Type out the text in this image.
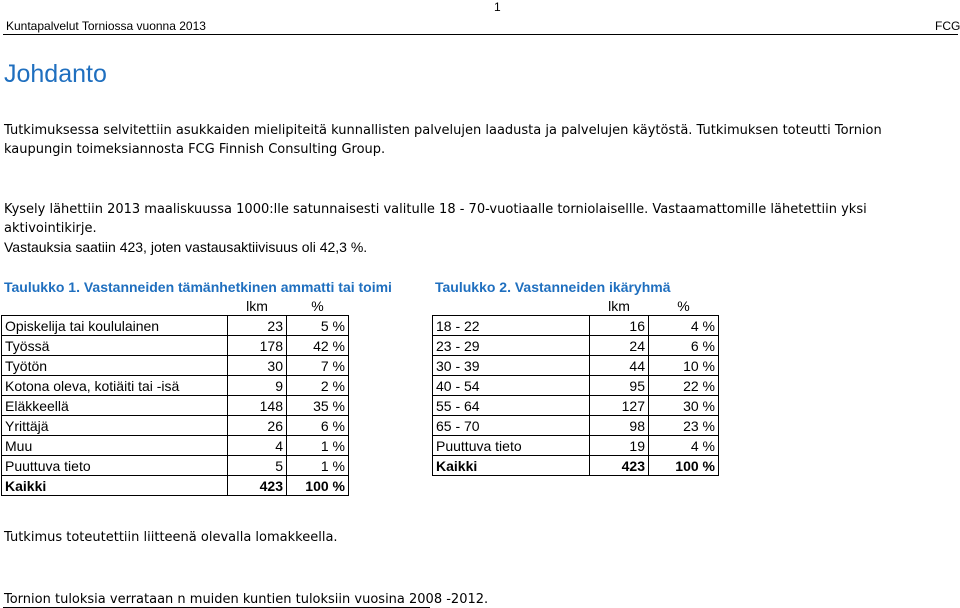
Kuntapalvelut Torniossa vuonna 2013
1
FCG
Johdanto
Tutkimuksessa selvitettiin asukkaiden mielipiteitä kunnallisten palvelujen laadusta ja palvelujen käytöstä. Tutkimuksen toteutti Tornion kaupungin toimeksiannosta FCG Finnish Consulting Group.
Kysely lähettiin 2013 maaliskuussa 1000:lle satunnaisesti valitulle 18 - 70-vuotiaalle torniolaisellle. Vastaamattomille lähetettiin yksi aktivointikirje.
Vastauksia saatiin 423, joten vastausaktiivisuus oli 42,3 %.
Taulukko 1. Vastanneiden tämänhetkinen ammatti tai toimi
	lkm	%
Opiskelija tai koululainen	23	5 %
Työssä	178	42 %
Työtön	30	7 %
Kotona oleva, kotiäiti tai -isä	9	2 %
Eläkkeellä	148	35 %
Yrittäjä	26	6 %
Muu	4	1 %
Puuttuva tieto	5	1 %
Kaikki	423	100 %
Taulukko 2. Vastanneiden ikäryhmä
	lkm	%
18 - 22	16	4 %
23 - 29	24	6 %
30 - 39	44	10 %
40 - 54	95	22 %
55 - 64	127	30 %
65 - 70	98	23 %
Puuttuva tieto	19	4 %
Kaikki	423	100 %
Tutkimus toteutettiin liitteenä olevalla lomakkeella.
Tornion tuloksia verrataan n muiden kuntien tuloksiin vuosina 2008 -2012.
